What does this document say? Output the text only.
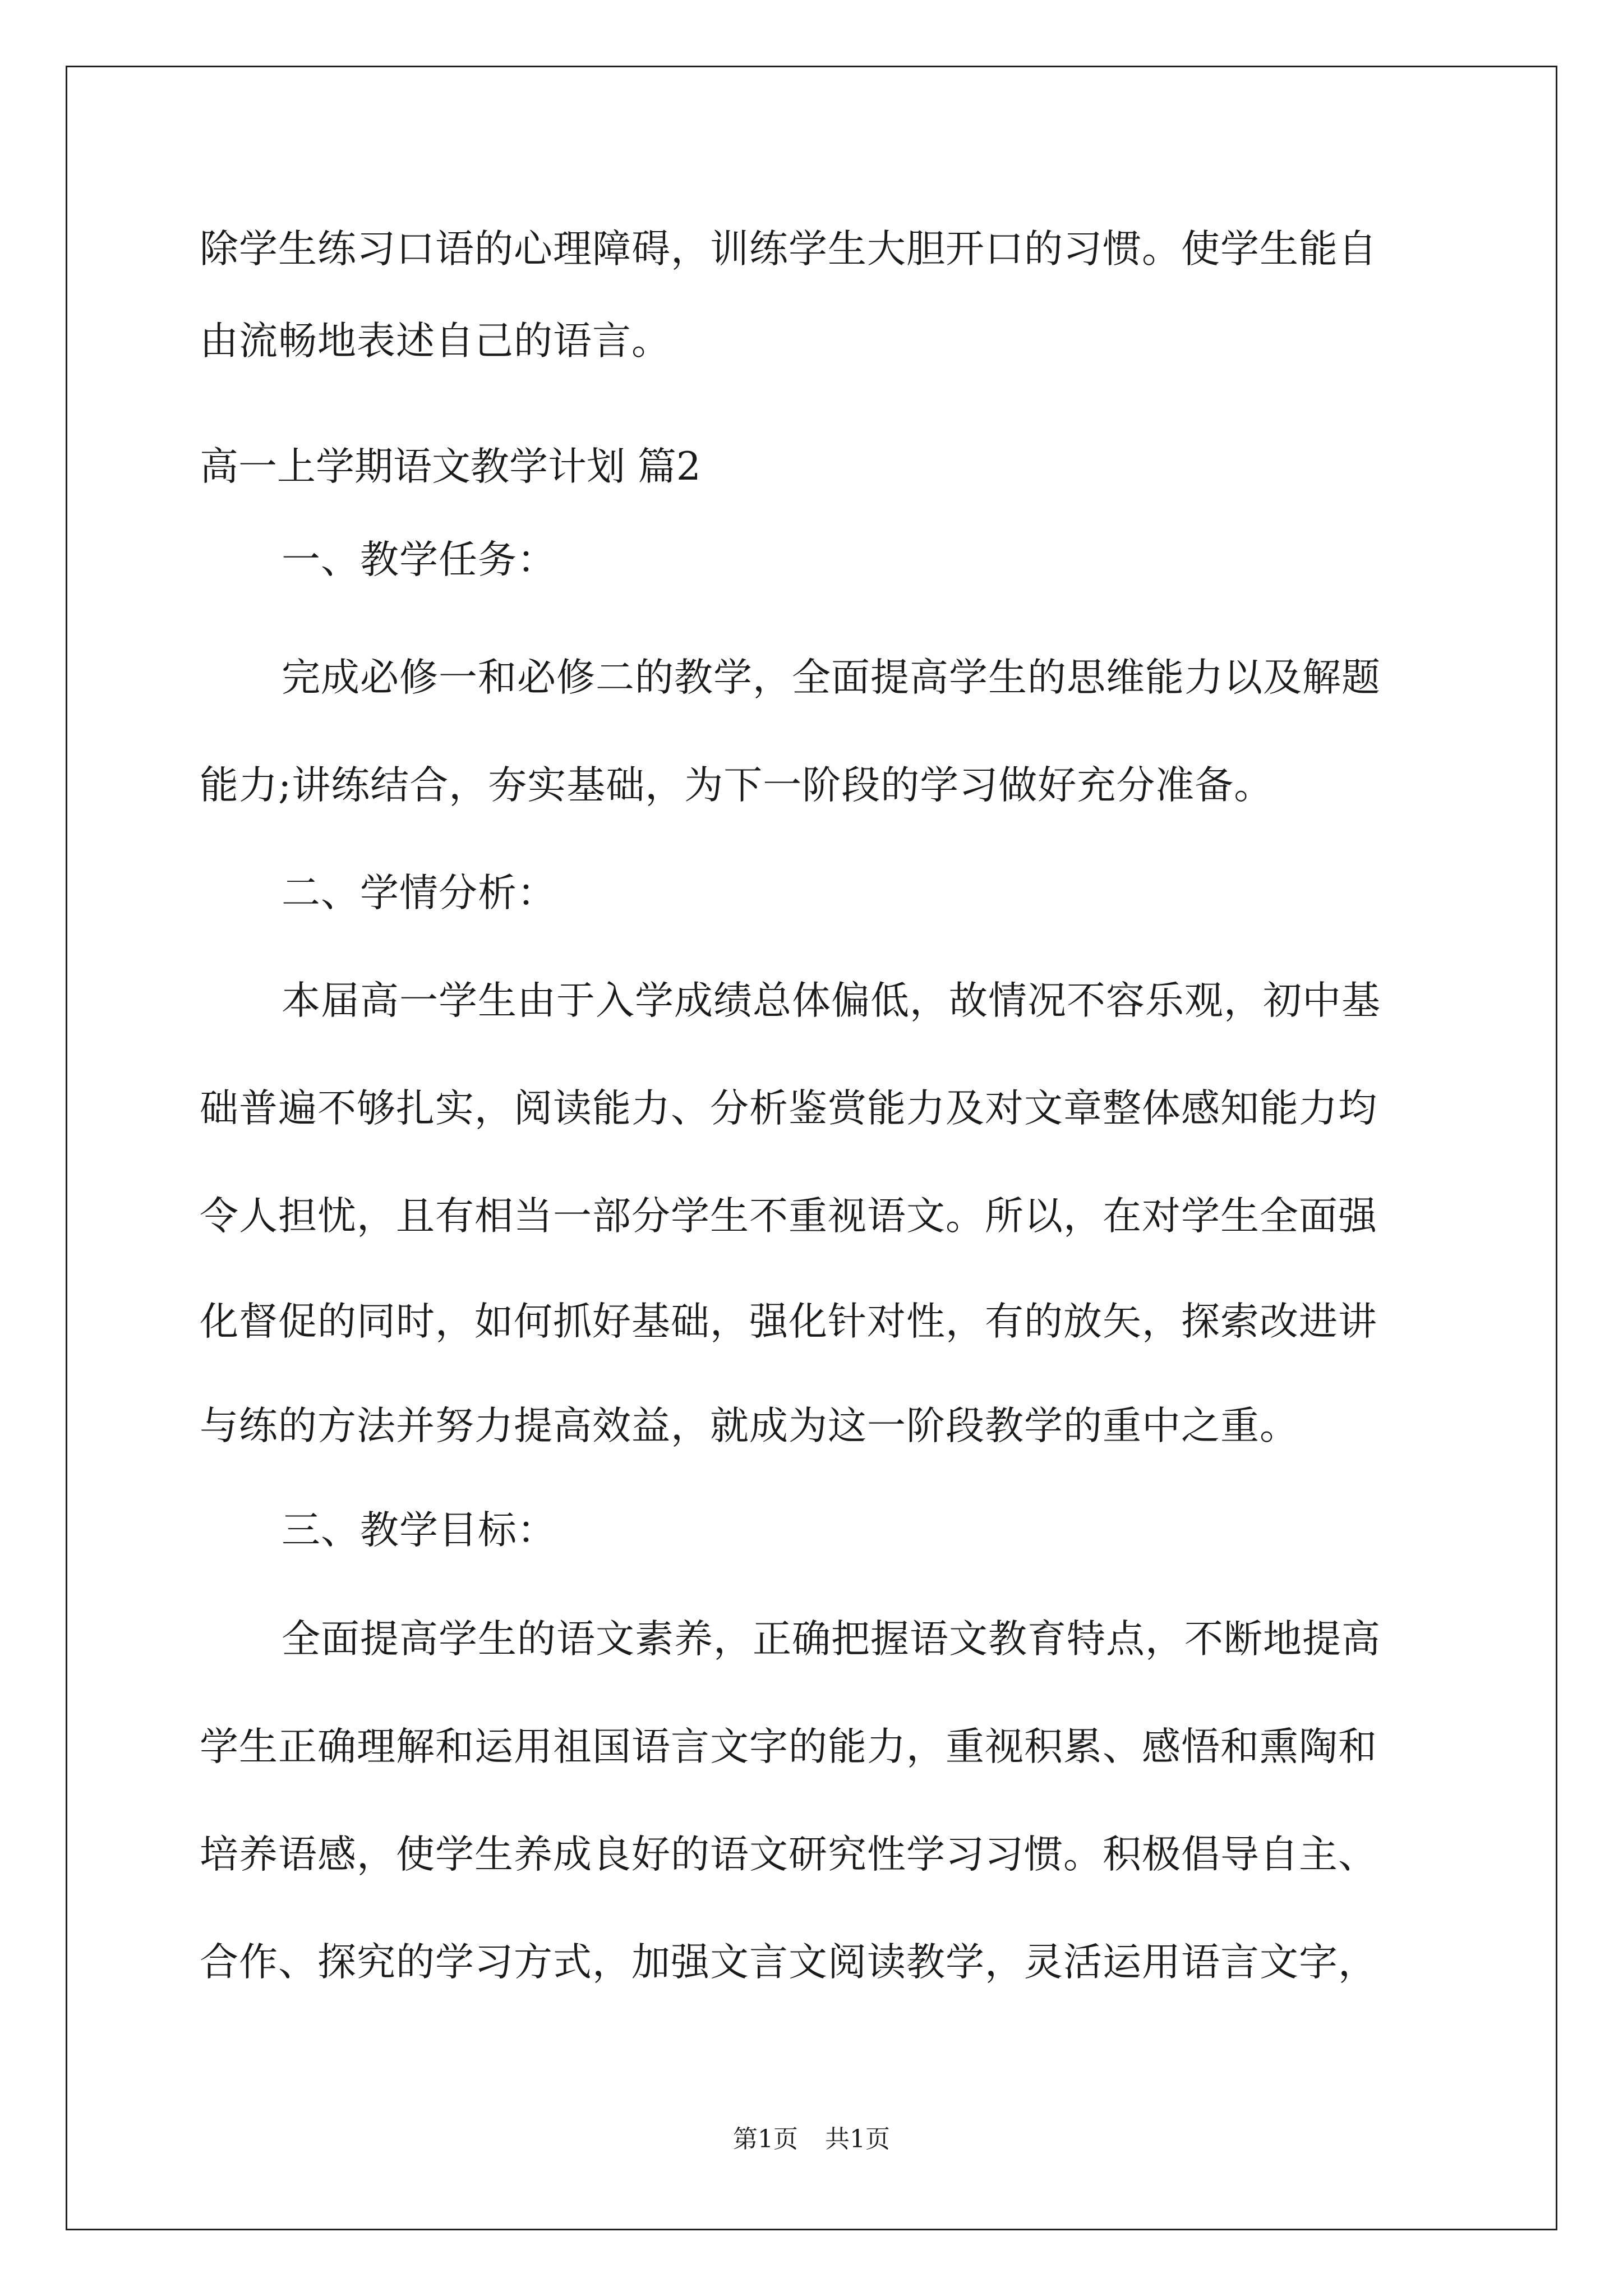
除学生练习口语的心理障碍，训练学生大胆开口的习惯。使学生能自

由流畅地表述自己的语言。

高一上学期语文教学计划 篇2

一、教学任务：

完成必修一和必修二的教学，全面提高学生的思维能力以及解题

能力;讲练结合，夯实基础，为下一阶段的学习做好充分准备。

二、学情分析：

本届高一学生由于入学成绩总体偏低，故情况不容乐观，初中基

础普遍不够扎实，阅读能力、分析鉴赏能力及对文章整体感知能力均

令人担忧，且有相当一部分学生不重视语文。所以，在对学生全面强

化督促的同时，如何抓好基础，强化针对性，有的放矢，探索改进讲

与练的方法并努力提高效益，就成为这一阶段教学的重中之重。

三、教学目标：

全面提高学生的语文素养，正确把握语文教育特点，不断地提高

学生正确理解和运用祖国语言文字的能力，重视积累、感悟和熏陶和

培养语感，使学生养成良好的语文研究性学习习惯。积极倡导自主、

合作、探究的学习方式，加强文言文阅读教学，灵活运用语言文字，

第1页 共1页
